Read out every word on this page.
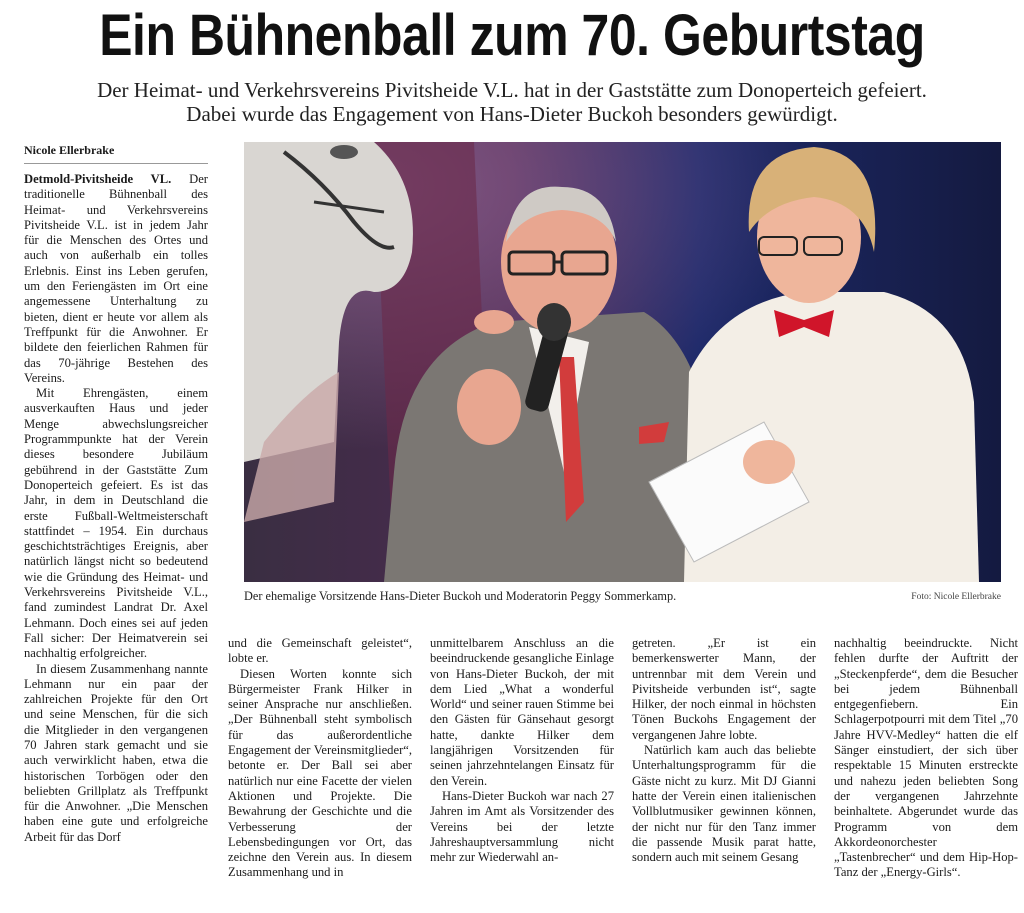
Ein Bühnenball zum 70. Geburtstag
Der Heimat- und Verkehrsvereins Pivitsheide V.L. hat in der Gaststätte zum Donoperteich gefeiert.
Dabei wurde das Engagement von Hans-Dieter Buckoh besonders gewürdigt.
Nicole Ellerbrake

Detmold-Pivitsheide VL. Der traditionelle Bühnenball des Heimat- und Verkehrsvereins Pivitsheide V.L. ist in jedem Jahr für die Menschen des Ortes und auch von außerhalb ein tolles Erlebnis. Einst ins Leben gerufen, um den Feriengästen im Ort eine angemessene Unterhaltung zu bieten, dient er heute vor allem als Treffpunkt für die Anwohner. Er bildete den feierlichen Rahmen für das 70-jährige Bestehen des Vereins.

Mit Ehrengästen, einem ausverkauften Haus und jeder Menge abwechslungsreicher Programmpunkte hat der Verein dieses besondere Jubiläum gebührend in der Gaststätte Zum Donoperteich gefeiert. Es ist das Jahr, in dem in Deutschland die erste Fußball-Weltmeisterschaft stattfindet – 1954. Ein durchaus geschichtsträchtiges Ereignis, aber natürlich längst nicht so bedeutend wie die Gründung des Heimat- und Verkehrsvereins Pivitsheide V.L., fand zumindest Landrat Dr. Axel Lehmann. Doch eines sei auf jeden Fall sicher: Der Heimatverein sei nachhaltig erfolgreicher.

In diesem Zusammenhang nannte Lehmann nur ein paar der zahlreichen Projekte für den Ort und seine Menschen, für die sich die Mitglieder in den vergangenen 70 Jahren stark gemacht und sie auch verwirklicht haben, etwa die historischen Torbögen oder den beliebten Grillplatz als Treffpunkt für die Anwohner. „Die Menschen haben eine gute und erfolgreiche Arbeit für das Dorf

Der ehemalige Vorsitzende Hans-Dieter Buckoh und Moderatorin Peggy Sommerkamp.	Foto: Nicole Ellerbrake

und die Gemeinschaft geleistet“, lobte er.

Diesen Worten konnte sich Bürgermeister Frank Hilker in seiner Ansprache nur anschließen. „Der Bühnenball steht symbolisch für das außerordentliche Engagement der Vereinsmitglieder“, betonte er. Der Ball sei aber natürlich nur eine Facette der vielen Aktionen und Projekte. Die Bewahrung der Geschichte und die Verbesserung der Lebensbedingungen vor Ort, das zeichne den Verein aus. In diesem Zusammenhang und in

unmittelbarem Anschluss an die beeindruckende gesangliche Einlage von Hans-Dieter Buckoh, der mit dem Lied „What a wonderful World“ und seiner rauen Stimme bei den Gästen für Gänsehaut gesorgt hatte, dankte Hilker dem langjährigen Vorsitzenden für seinen jahrzehntelangen Einsatz für den Verein.

Hans-Dieter Buckoh war nach 27 Jahren im Amt als Vorsitzender des Vereins bei der letzte Jahreshauptversammlung nicht mehr zur Wiederwahl an-

getreten. „Er ist ein bemerkenswerter Mann, der untrennbar mit dem Verein und Pivitsheide verbunden ist“, sagte Hilker, der noch einmal in höchsten Tönen Buckohs Engagement der vergangenen Jahre lobte.

Natürlich kam auch das beliebte Unterhaltungsprogramm für die Gäste nicht zu kurz. Mit DJ Gianni hatte der Verein einen italienischen Vollblutmusiker gewinnen können, der nicht nur für den Tanz immer die passende Musik parat hatte, sondern auch mit seinem Gesang

nachhaltig beeindruckte. Nicht fehlen durfte der Auftritt der „Steckenpferde“, dem die Besucher bei jedem Bühnenball entgegenfiebern. Ein Schlagerpotpourri mit dem Titel „70 Jahre HVV-Medley“ hatten die elf Sänger einstudiert, der sich über respektable 15 Minuten erstreckte und nahezu jeden beliebten Song der vergangenen Jahrzehnte beinhaltete. Abgerundet wurde das Programm von dem Akkordeonorchester „Tastenbrecher“ und dem Hip-Hop-Tanz der „Energy-Girls“.
